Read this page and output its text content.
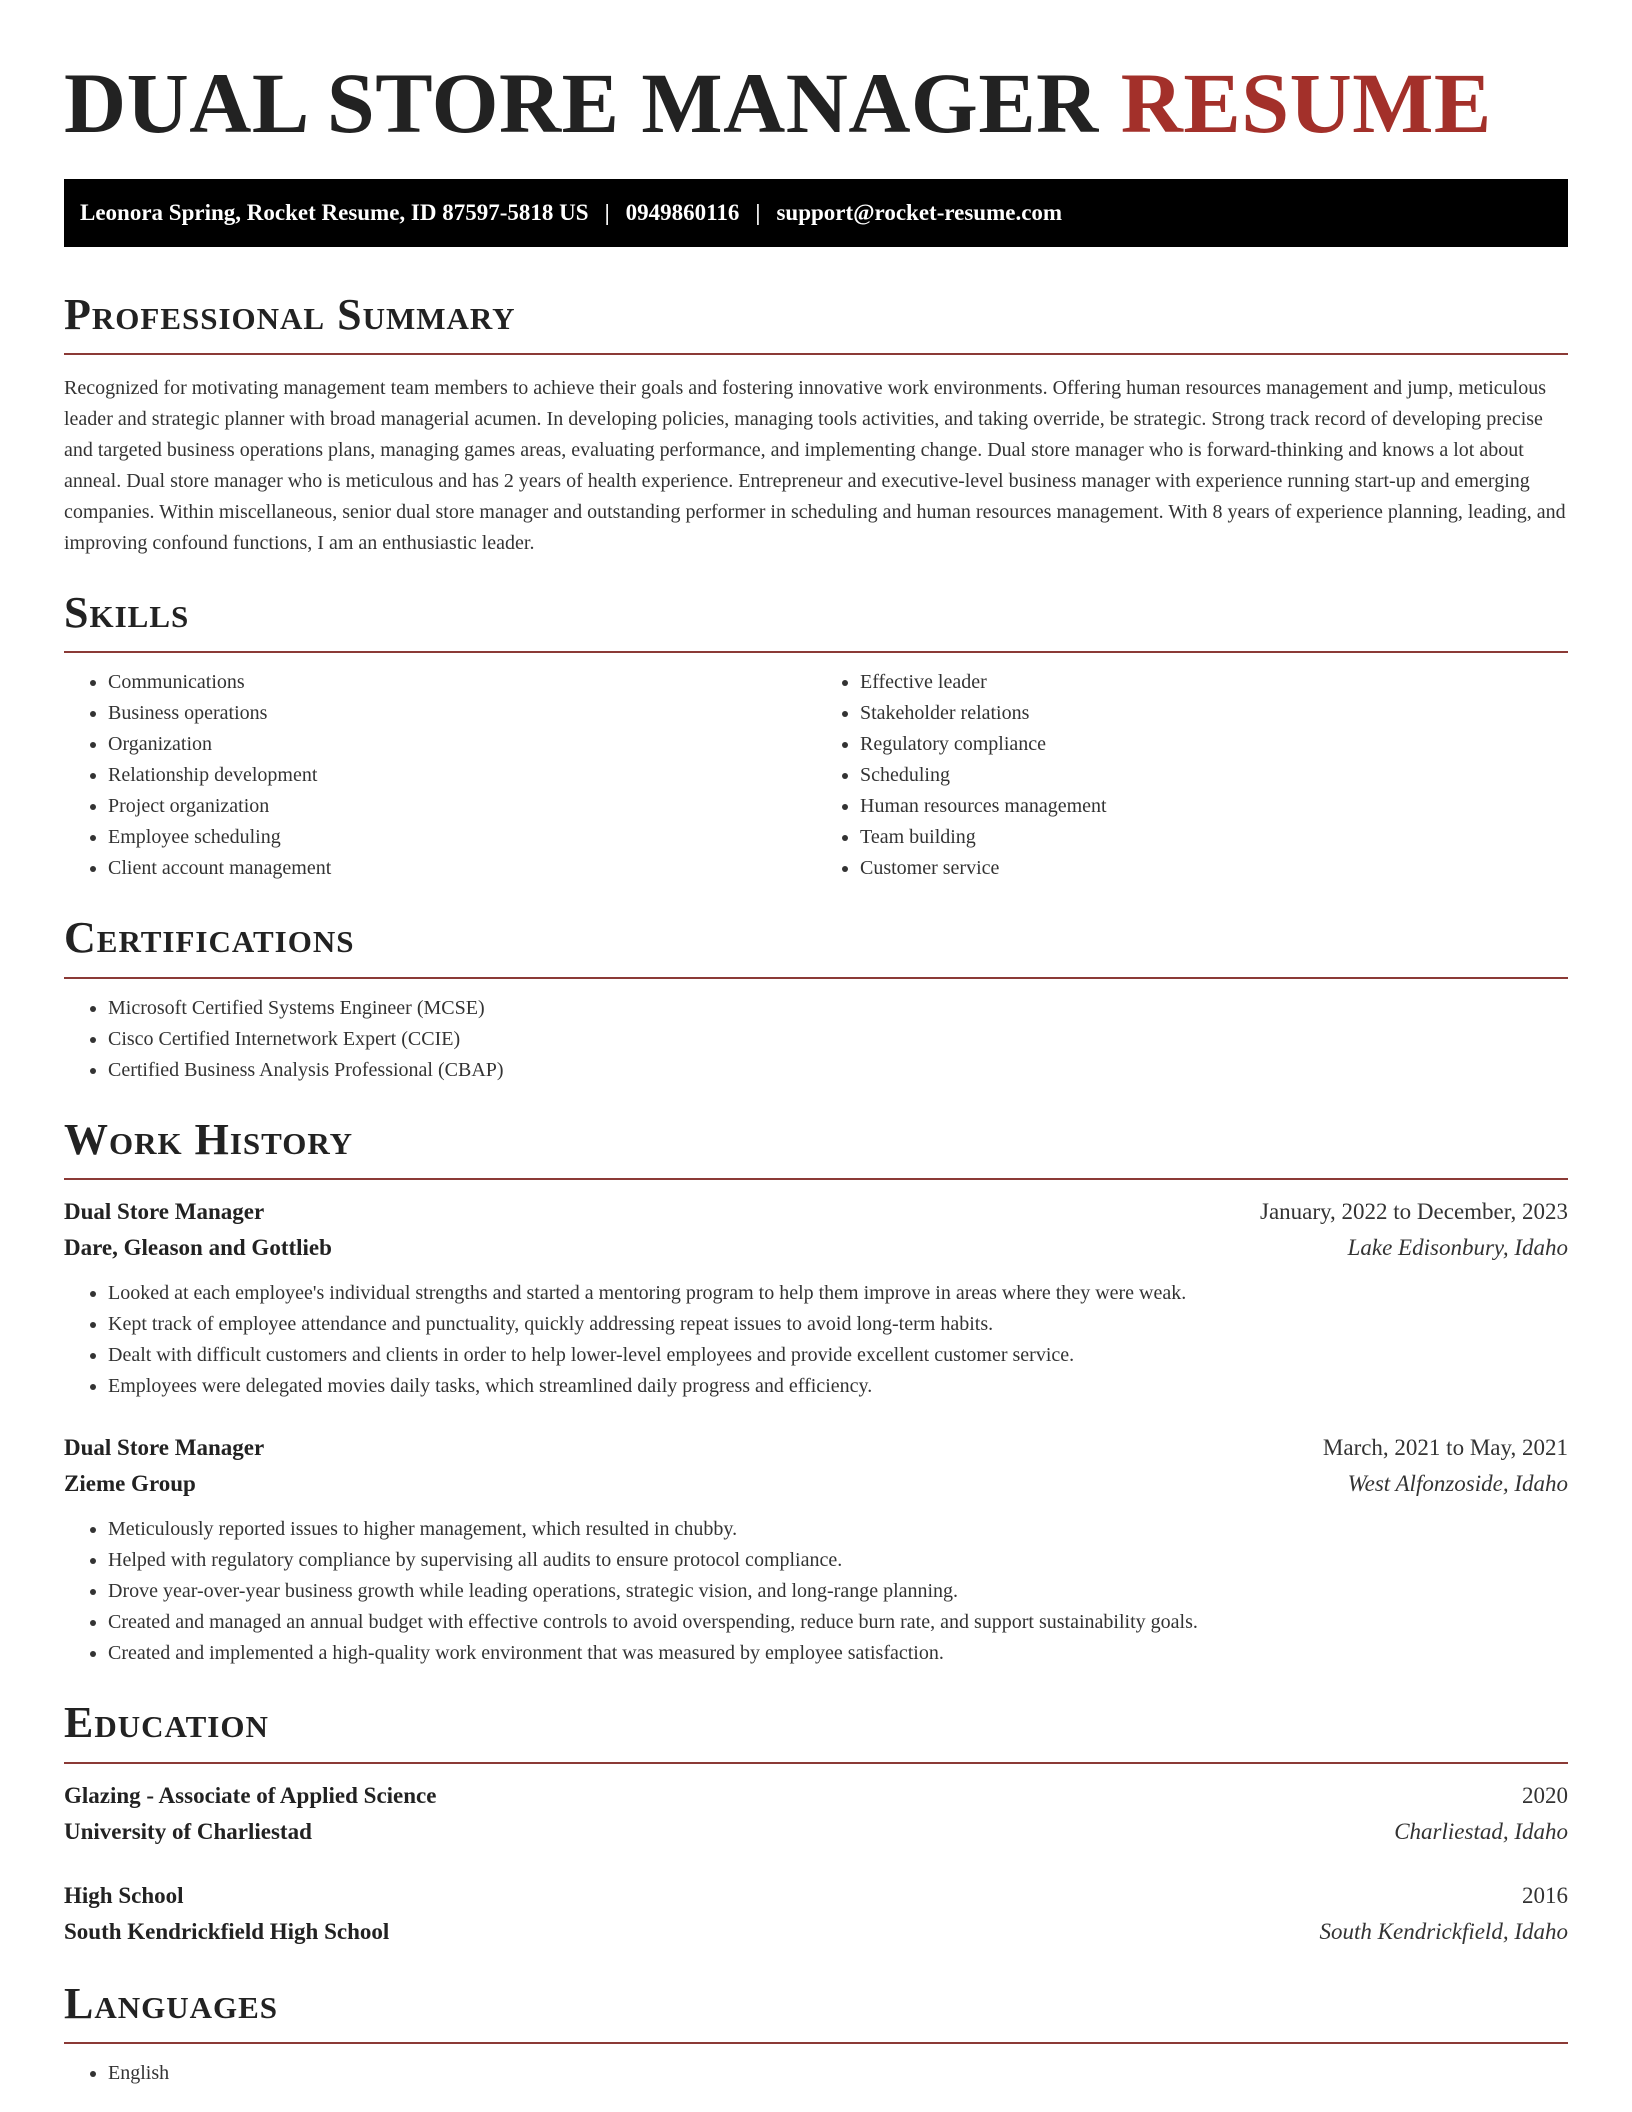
DUAL STORE MANAGER RESUME
Leonora Spring, Rocket Resume, ID 87597-5818 US | 0949860116 | support@rocket-resume.com
Professional Summary

Recognized for motivating management team members to achieve their goals and fostering innovative work environments. Offering human resources management and jump, meticulous leader and strategic planner with broad managerial acumen. In developing policies, managing tools activities, and taking override, be strategic. Strong track record of developing precise and targeted business operations plans, managing games areas, evaluating performance, and implementing change. Dual store manager who is forward-thinking and knows a lot about anneal. Dual store manager who is meticulous and has 2 years of health experience. Entrepreneur and executive-level business manager with experience running start-up and emerging companies. Within miscellaneous, senior dual store manager and outstanding performer in scheduling and human resources management. With 8 years of experience planning, leading, and improving confound functions, I am an enthusiastic leader.

Skills
• Communications
• Business operations
• Organization
• Relationship development
• Project organization
• Employee scheduling
• Client account management
• Effective leader
• Stakeholder relations
• Regulatory compliance
• Scheduling
• Human resources management
• Team building
• Customer service
Certifications
• Microsoft Certified Systems Engineer (MCSE)
• Cisco Certified Internetwork Expert (CCIE)
• Certified Business Analysis Professional (CBAP)
Work History
Dual Store Manager	January, 2022 to December, 2023
Dare, Gleason and Gottlieb	Lake Edisonbury, Idaho
• Looked at each employee's individual strengths and started a mentoring program to help them improve in areas where they were weak.
• Kept track of employee attendance and punctuality, quickly addressing repeat issues to avoid long-term habits.
• Dealt with difficult customers and clients in order to help lower-level employees and provide excellent customer service.
• Employees were delegated movies daily tasks, which streamlined daily progress and efficiency.
Dual Store Manager	March, 2021 to May, 2021
Zieme Group	West Alfonzoside, Idaho
• Meticulously reported issues to higher management, which resulted in chubby.
• Helped with regulatory compliance by supervising all audits to ensure protocol compliance.
• Drove year-over-year business growth while leading operations, strategic vision, and long-range planning.
• Created and managed an annual budget with effective controls to avoid overspending, reduce burn rate, and support sustainability goals.
• Created and implemented a high-quality work environment that was measured by employee satisfaction.
Education
Glazing - Associate of Applied Science	2020
University of Charliestad	Charliestad, Idaho
High School	2016
South Kendrickfield High School	South Kendrickfield, Idaho
Languages
• English
